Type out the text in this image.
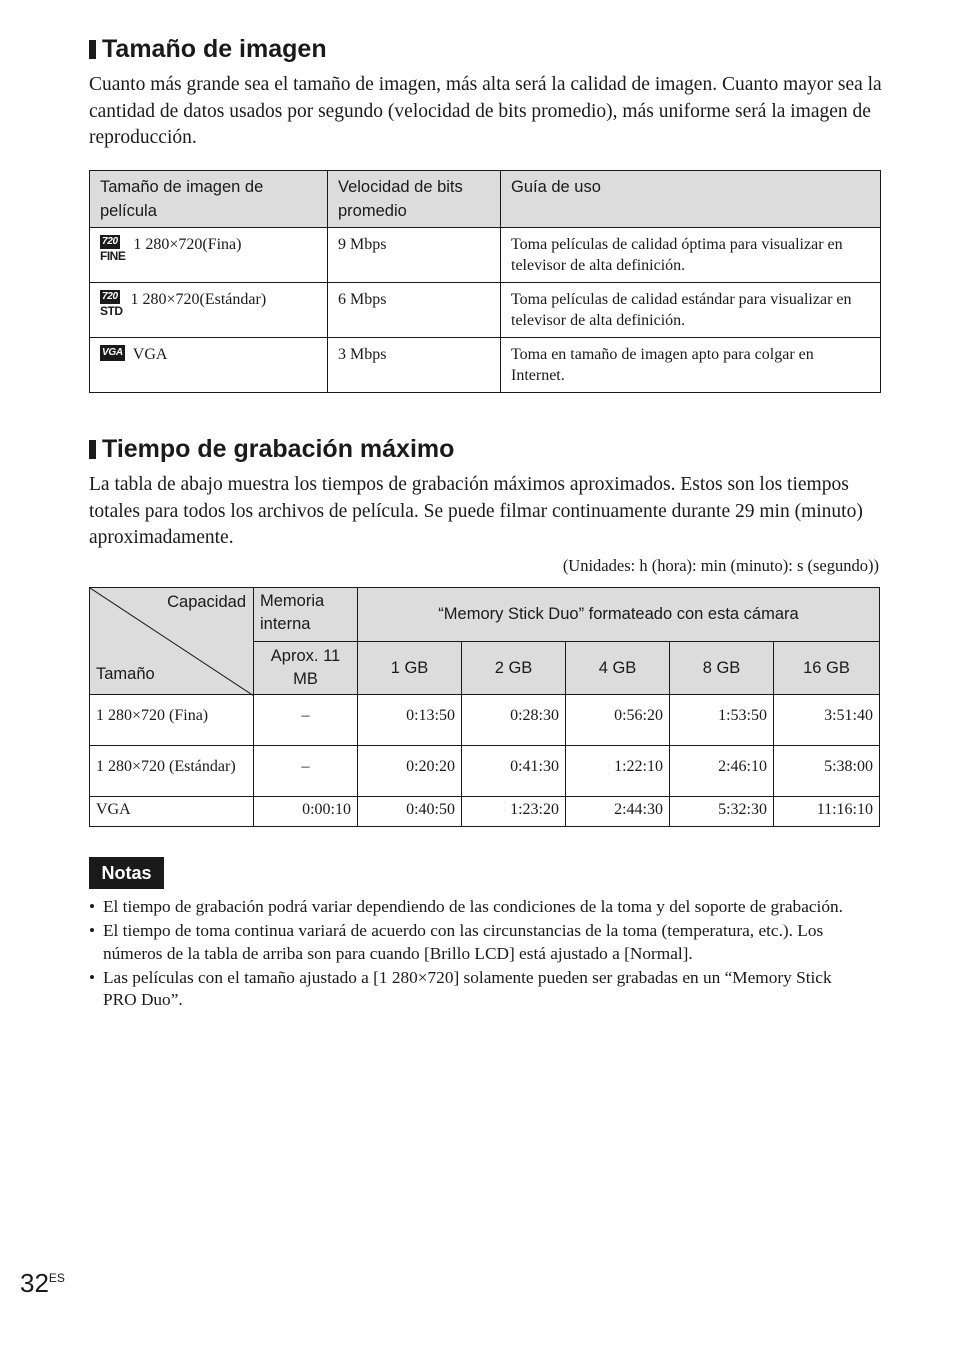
Tamaño de imagen

Cuanto más grande sea el tamaño de imagen, más alta será la calidad de imagen. Cuanto mayor sea la cantidad de datos usados por segundo (velocidad de bits promedio), más uniforme será la imagen de reproducción.

Tamaño de imagen de película	Velocidad de bits promedio	Guía de uso

720
FINE
1 280×720(Fina)	9 Mbps	Toma películas de calidad óptima para visualizar en televisor de alta definición.

720
STD
1 280×720(Estándar)	6 Mbps	Toma películas de calidad estándar para visualizar en televisor de alta definición.

VGA VGA	3 Mbps	Toma en tamaño de imagen apto para colgar en Internet.
Tiempo de grabación máximo

La tabla de abajo muestra los tiempos de grabación máximos aproximados. Estos son los tiempos totales para todos los archivos de película. Se puede filmar continuamente durante 29 min (minuto) aproximadamente.

(Unidades: h (hora): min (minuto): s (segundo))

Capacidad
Tamaño	Memoria interna	“Memory Stick Duo” formateado con esta cámara				
	Aprox. 11 MB	1 GB	2 GB	4 GB	8 GB	16 GB
1 280×720 (Fina)	–	0:13:50	0:28:30	0:56:20	1:53:50	3:51:40
1 280×720 (Estándar)	–	0:20:20	0:41:30	1:22:10	2:46:10	5:38:00
VGA	0:00:10	0:40:50	1:23:20	2:44:30	5:32:30	11:16:10
Notas
• El tiempo de grabación podrá variar dependiendo de las condiciones de la toma y del soporte de grabación.
• El tiempo de toma continua variará de acuerdo con las circunstancias de la toma (temperatura, etc.). Los números de la tabla de arriba son para cuando [Brillo LCD] está ajustado a [Normal].
• Las películas con el tamaño ajustado a [1 280×720] solamente pueden ser grabadas en un “Memory Stick PRO Duo”.
$32^{ES}$
